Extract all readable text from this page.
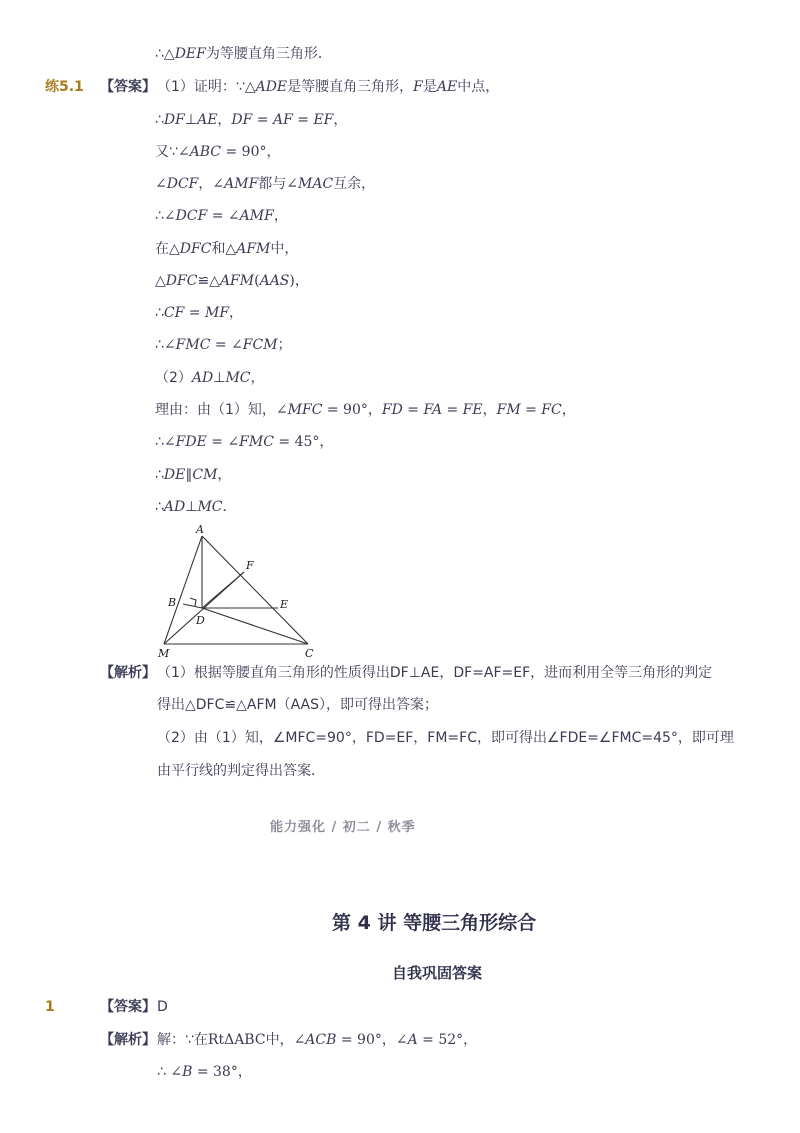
∴△DEF为等腰直角三角形．
练5.1 【答案】 （1）证明：∵△ADE是等腰直角三角形，F是AE中点，
∴DF⊥AE，DF = AF = EF，
又∵∠ABC = 90°，
∠DCF，∠AMF都与∠MAC互余，
∴∠DCF = ∠AMF，
在△DFC和△AFM中，
△DFC≌△AFM(AAS)，
∴CF = MF，
∴∠FMC = ∠FCM；
（2）AD⊥MC，
理由：由（1）知，∠MFC = 90°，FD = FA = FE，FM = FC，
∴∠FDE = ∠FMC = 45°，
∴DE∥CM，
∴AD⊥MC．
A
F
B	E
D
M	C
【解析】 （1）根据等腰直角三角形的性质得出DF⊥AE，DF=AF=EF，进而利用全等三角形的判定
得出△DFC≌△AFM（AAS），即可得出答案；
（2）由（1）知，∠MFC=90°，FD=EF，FM=FC，即可得出∠FDE=∠FMC=45°，即可理
由平行线的判定得出答案．
能力强化 / 初二 / 秋季
第 4 讲 等腰三角形综合
自我巩固答案
1	【答案】 D
【解析】 解：∵在RtΔABC中，∠ACB = 90°，∠A = 52°，
∴ ∠B = 38°，
